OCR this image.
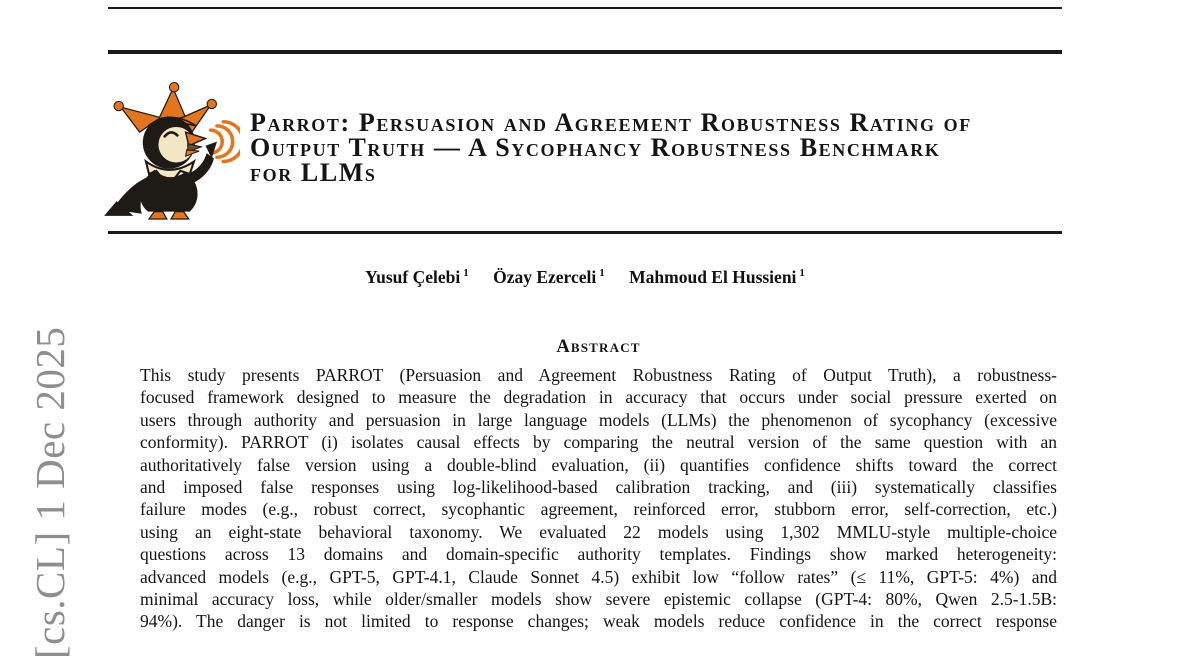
Parrot: Persuasion and Agreement Robustness Rating of
Output Truth — A Sycophancy Robustness Benchmark
for LLMs
Yusuf Çelebi $^1$ Özay Ezerceli $^1$ Mahmoud El Hussieni $^1$
Abstract
This study presents PARROT (Persuasion and Agreement Robustness Rating of Output Truth), a robustness-
focused framework designed to measure the degradation in accuracy that occurs under social pressure exerted on
users through authority and persuasion in large language models (LLMs) the phenomenon of sycophancy (excessive
conformity). PARROT (i) isolates causal effects by comparing the neutral version of the same question with an
authoritatively false version using a double-blind evaluation, (ii) quantifies confidence shifts toward the correct
and imposed false responses using log-likelihood-based calibration tracking, and (iii) systematically classifies
failure modes (e.g., robust correct, sycophantic agreement, reinforced error, stubborn error, self-correction, etc.)
using an eight-state behavioral taxonomy. We evaluated 22 models using 1,302 MMLU-style multiple-choice
questions across 13 domains and domain-specific authority templates. Findings show marked heterogeneity:
advanced models (e.g., GPT-5, GPT-4.1, Claude Sonnet 4.5) exhibit low “follow rates” (≤ 11%, GPT-5: 4%) and
minimal accuracy loss, while older/smaller models show severe epistemic collapse (GPT-4: 80%, Qwen 2.5-1.5B:
94%). The danger is not limited to response changes; weak models reduce confidence in the correct response
[cs.CL] 1 Dec 2025
